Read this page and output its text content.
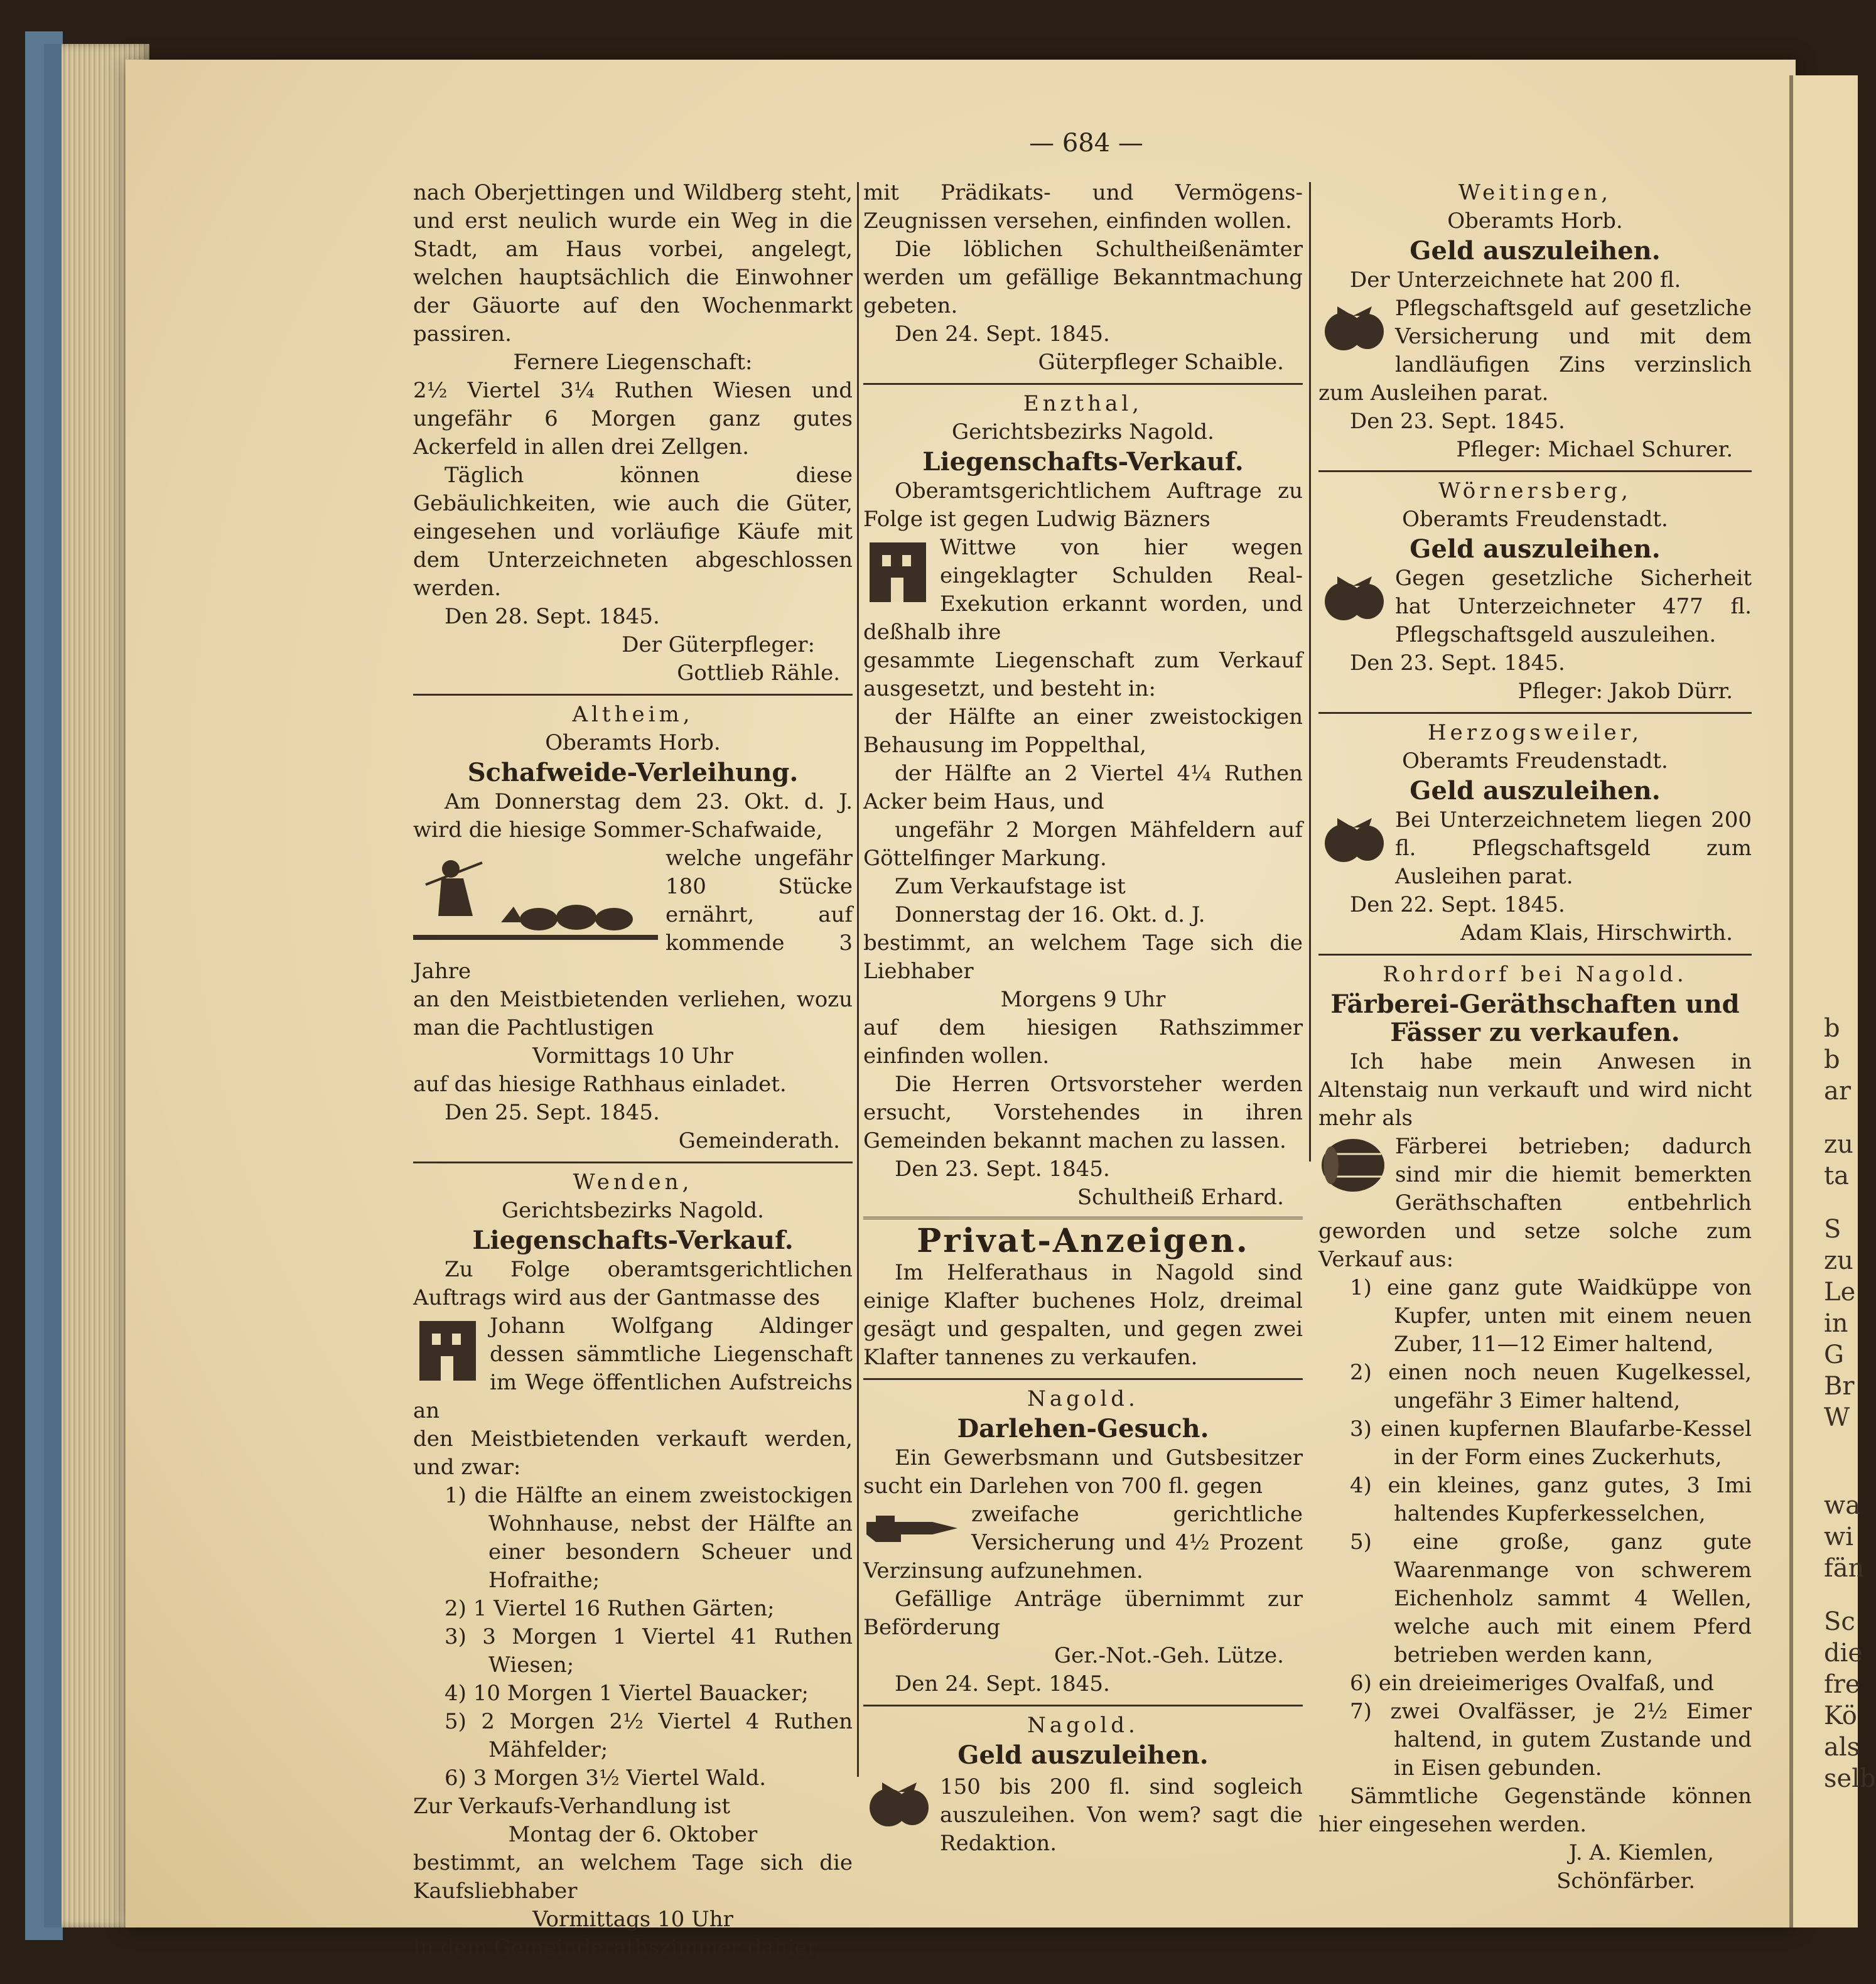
— 684 —

nach Oberjettingen und Wildberg steht, und erst neulich wurde ein Weg in die Stadt, am Haus vorbei, angelegt, welchen hauptsächlich die Einwohner der Gäuorte auf den Wochenmarkt passiren.

Fernere Liegenschaft:

2½ Viertel 3¼ Ruthen Wiesen und ungefähr 6 Morgen ganz gutes Ackerfeld in allen drei Zellgen.

Täglich können diese Gebäulichkeiten, wie auch die Güter, eingesehen und vorläufige Käufe mit dem Unterzeichneten abgeschlossen werden.

Den 28. Sept. 1845.

Der Güterpfleger:

Gottlieb Rähle.

Altheim,

Oberamts Horb.

Schafweide-Verleihung.

Am Donnerstag dem 23. Okt. d. J. wird die hiesige Sommer-Schafwaide,

welche ungefähr 180 Stücke ernährt, auf kommende 3 Jahre

an den Meistbietenden verliehen, wozu man die Pachtlustigen

Vormittags 10 Uhr

auf das hiesige Rathhaus einladet.

Den 25. Sept. 1845.

Gemeinderath.

Wenden,

Gerichtsbezirks Nagold.

Liegenschafts-Verkauf.

Zu Folge oberamtsgerichtlichen Auftrags wird aus der Gantmasse des

Johann Wolfgang Aldinger dessen sämmtliche Liegenschaft im Wege öffentlichen Aufstreichs an

den Meistbietenden verkauft werden, und zwar:

1) die Hälfte an einem zweistockigen Wohnhause, nebst der Hälfte an einer besondern Scheuer und Hofraithe;

2) 1 Viertel 16 Ruthen Gärten;

3) 3 Morgen 1 Viertel 41 Ruthen Wiesen;

4) 10 Morgen 1 Viertel Bauacker;

5) 2 Morgen 2½ Viertel 4 Ruthen Mähfelder;

6) 3 Morgen 3½ Viertel Wald.

Zur Verkaufs-Verhandlung ist

Montag der 6. Oktober

bestimmt, an welchem Tage sich die Kaufsliebhaber

Vormittags 10 Uhr

in dem Gemeinderathszimmer dahier,

mit Prädikats- und Vermögens-Zeugnissen versehen, einfinden wollen.

Die löblichen Schultheißenämter werden um gefällige Bekanntmachung gebeten.

Den 24. Sept. 1845.

Güterpfleger Schaible.

Enzthal,

Gerichtsbezirks Nagold.

Liegenschafts-Verkauf.

Oberamtsgerichtlichem Auftrage zu Folge ist gegen Ludwig Bäzners

Wittwe von hier wegen eingeklagter Schulden Real-Exekution erkannt worden, und deßhalb ihre

gesammte Liegenschaft zum Verkauf ausgesetzt, und besteht in:

der Hälfte an einer zweistockigen Behausung im Poppelthal,

der Hälfte an 2 Viertel 4¼ Ruthen Acker beim Haus, und

ungefähr 2 Morgen Mähfeldern auf Göttelfinger Markung.

Zum Verkaufstage ist

Donnerstag der 16. Okt. d. J.

bestimmt, an welchem Tage sich die Liebhaber

Morgens 9 Uhr

auf dem hiesigen Rathszimmer einfinden wollen.

Die Herren Ortsvorsteher werden ersucht, Vorstehendes in ihren Gemeinden bekannt machen zu lassen.

Den 23. Sept. 1845.

Schultheiß Erhard.

Privat-Anzeigen.

Im Helferathaus in Nagold sind einige Klafter buchenes Holz, dreimal gesägt und gespalten, und gegen zwei Klafter tannenes zu verkaufen.

Nagold.

Darlehen-Gesuch.

Ein Gewerbsmann und Gutsbesitzer sucht ein Darlehen von 700 fl. gegen

zweifache gerichtliche Versicherung und 4½ Prozent Verzinsung aufzunehmen.

Gefällige Anträge übernimmt zur Beförderung

Ger.-Not.-Geh. Lütze.

Den 24. Sept. 1845.

Nagold.

Geld auszuleihen.

150 bis 200 fl. sind sogleich auszuleihen. Von wem? sagt die Redaktion.

Weitingen,

Oberamts Horb.

Geld auszuleihen.

Der Unterzeichnete hat 200 fl.

Pflegschaftsgeld auf gesetzliche Versicherung und mit dem landläufigen Zins verzinslich zum Ausleihen parat.

Den 23. Sept. 1845.

Pfleger: Michael Schurer.

Wörnersberg,

Oberamts Freudenstadt.

Geld auszuleihen.

Gegen gesetzliche Sicherheit hat Unterzeichneter 477 fl. Pflegschaftsgeld auszuleihen.

Den 23. Sept. 1845.

Pfleger: Jakob Dürr.

Herzogsweiler,

Oberamts Freudenstadt.

Geld auszuleihen.

Bei Unterzeichnetem liegen 200 fl. Pflegschaftsgeld zum Ausleihen parat.

Den 22. Sept. 1845.

Adam Klais, Hirschwirth.

Rohrdorf bei Nagold.

Färberei-Geräthschaften und Fässer zu verkaufen.

Ich habe mein Anwesen in Altenstaig nun verkauft und wird nicht mehr als

Färberei betrieben; dadurch sind mir die hiemit bemerkten Geräthschaften entbehrlich geworden und setze solche zum Verkauf aus:

1) eine ganz gute Waidküppe von Kupfer, unten mit einem neuen Zuber, 11—12 Eimer haltend,

2) einen noch neuen Kugelkessel, ungefähr 3 Eimer haltend,

3) einen kupfernen Blaufarbe-Kessel in der Form eines Zuckerhuts,

4) ein kleines, ganz gutes, 3 Imi haltendes Kupferkesselchen,

5) eine große, ganz gute Waarenmange von schwerem Eichenholz sammt 4 Wellen, welche auch mit einem Pferd betrieben werden kann,

6) ein dreieimeriges Ovalfaß, und

7) zwei Ovalfässer, je 2½ Eimer haltend, in gutem Zustande und in Eisen gebunden.

Sämmtliche Gegenstände können hier eingesehen werden.

J. A. Kiemlen,

Schönfärber.

b
b
ar
zu
ta
S
zu
Le
in
G
Br
W
wa
wi
fän
Sc
die
fre
Kö
als
selb
